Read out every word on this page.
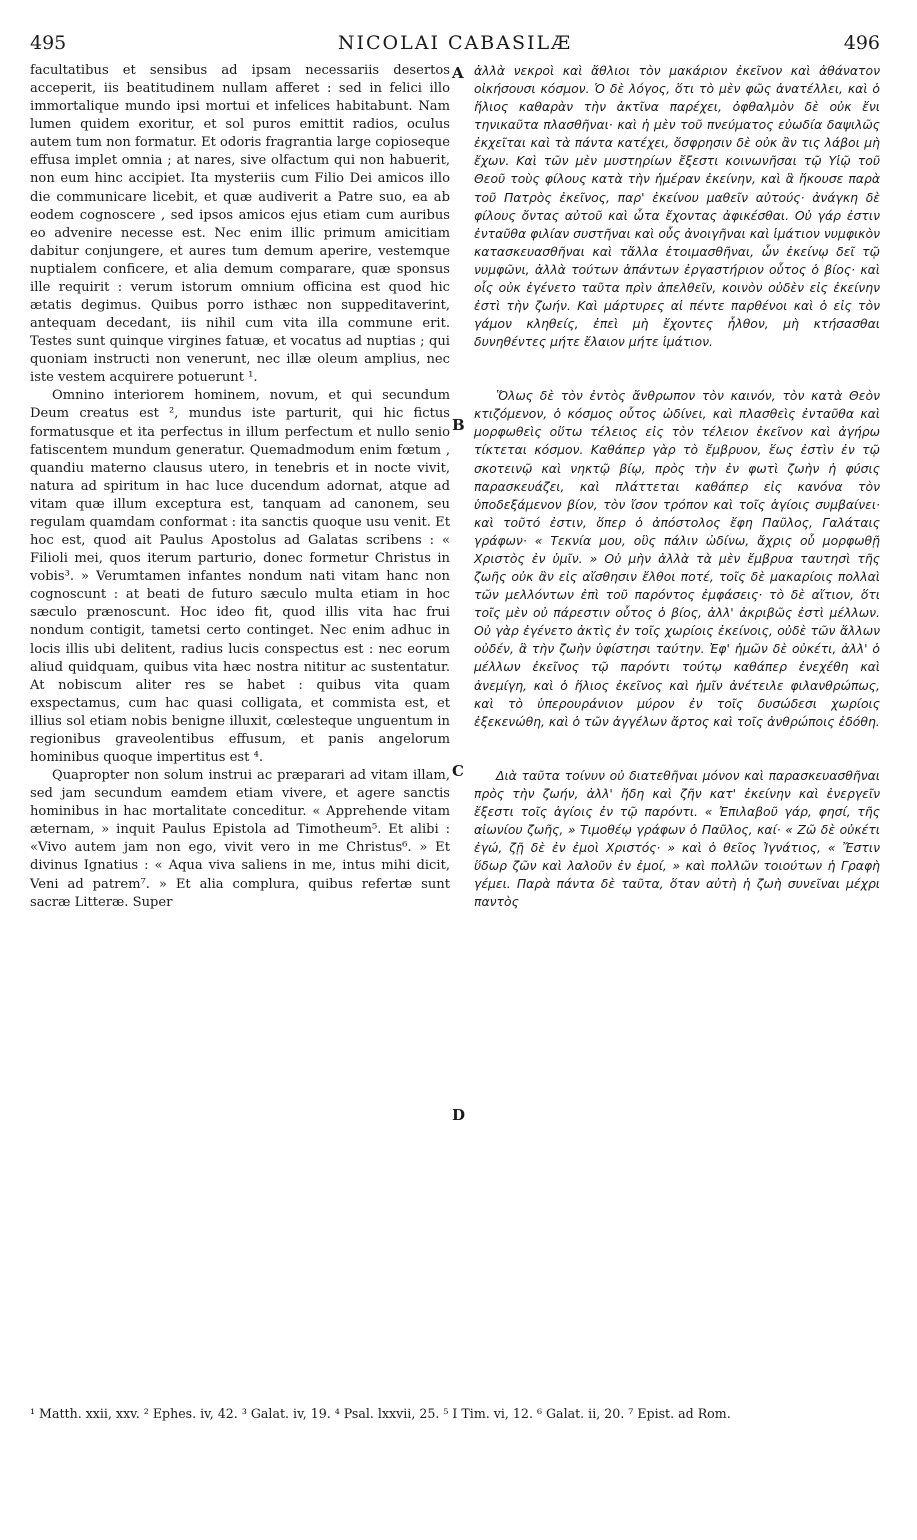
495	NICOLAI CABASILÆ	496

facultatibus et sensibus ad ipsam necessariis desertos acceperit, iis beatitudinem nullam afferet : sed in felici illo immortalique mundo ipsi mortui et infelices habitabunt. Nam lumen quidem exoritur, et sol puros emittit radios, oculus autem tum non formatur. Et odoris fragrantia large copioseque effusa implet omnia ; at nares, sive olfactum qui non habuerit, non eum hinc accipiet. Ita mysteriis cum Filio Dei amicos illo die communicare licebit, et quæ audiverit a Patre suo, ea ab eodem cognoscere , sed ipsos amicos ejus etiam cum auribus eo advenire necesse est. Nec enim illic primum amicitiam dabitur conjungere, et aures tum demum aperire, vestemque nuptialem conficere, et alia demum comparare, quæ sponsus ille requirit : verum istorum omnium officina est quod hic ætatis degimus. Quibus porro isthæc non suppeditaverint, antequam decedant, iis nihil cum vita illa commune erit. Testes sunt quinque virgines fatuæ, et vocatus ad nuptias ; qui quoniam instructi non venerunt, nec illæ oleum amplius, nec iste vestem acquirere potuerunt ¹.

Omnino interiorem hominem, novum, et qui secundum Deum creatus est ², mundus iste parturit, qui hic fictus formatusque et ita perfectus in illum perfectum et nullo senio fatiscentem mundum generatur. Quemadmodum enim fœtum , quandiu materno clausus utero, in tenebris et in nocte vivit, natura ad spiritum in hac luce ducendum adornat, atque ad vitam quæ illum exceptura est, tanquam ad canonem, seu regulam quamdam conformat : ita sanctis quoque usu venit. Et hoc est, quod ait Paulus Apostolus ad Galatas scribens : « Filioli mei, quos iterum parturio, donec formetur Christus in vobis³. » Verumtamen infantes nondum nati vitam hanc non cognoscunt : at beati de futuro sæculo multa etiam in hoc sæculo prænoscunt. Hoc ideo fit, quod illis vita hac frui nondum contigit, tametsi certo continget. Nec enim adhuc in locis illis ubi delitent, radius lucis conspectus est : nec eorum aliud quidquam, quibus vita hæc nostra nititur ac sustentatur. At nobiscum aliter res se habet : quibus vita quam exspectamus, cum hac quasi colligata, et commista est, et illius sol etiam nobis benigne illuxit, cœlesteque unguentum in regionibus graveolentibus effusum, et panis angelorum hominibus quoque impertitus est ⁴.

Quapropter non solum instrui ac præparari ad vitam illam, sed jam secundum eamdem etiam vivere, et agere sanctis hominibus in hac mortalitate conceditur. « Apprehende vitam æternam, » inquit Paulus Epistola ad Timotheum⁵. Et alibi : «Vivo autem jam non ego, vivit vero in me Christus⁶. » Et divinus Ignatius : « Aqua viva saliens in me, intus mihi dicit, Veni ad patrem⁷. » Et alia complura, quibus refertæ sunt sacræ Litteræ. Super

A
B
C
D

ἀλλὰ νεκροὶ καὶ ἄθλιοι τὸν μακάριον ἐκεῖνον καὶ ἀθάνατον οἰκήσουσι κόσμον. Ὁ δὲ λόγος, ὅτι τὸ μὲν φῶς ἀνατέλλει, καὶ ὁ ἥλιος καθαρὰν τὴν ἀκτῖνα παρέχει, ὀφθαλμὸν δὲ οὐκ ἔνι τηνικαῦτα πλασθῆναι· καὶ ἡ μὲν τοῦ πνεύματος εὐωδία δαψιλῶς ἐκχεῖται καὶ τὰ πάντα κατέχει, ὄσφρησιν δὲ οὐκ ἂν τις λάβοι μὴ ἔχων. Καὶ τῶν μὲν μυστηρίων ἔξεστι κοινωνῆσαι τῷ Υἱῷ τοῦ Θεοῦ τοὺς φίλους κατὰ τὴν ἡμέραν ἐκείνην, καὶ ἃ ἤκουσε παρὰ τοῦ Πατρὸς ἐκεῖνος, παρ' ἐκείνου μαθεῖν αὐτούς· ἀνάγκη δὲ φίλους ὄντας αὐτοῦ καὶ ὦτα ἔχοντας ἀφικέσθαι. Οὐ γάρ ἐστιν ἐνταῦθα φιλίαν συστῆναι καὶ οὖς ἀνοιγῆναι καὶ ἱμάτιον νυμφικὸν κατασκευασθῆναι καὶ τἄλλα ἑτοιμασθῆναι, ὧν ἐκείνῳ δεῖ τῷ νυμφῶνι, ἀλλὰ τούτων ἁπάντων ἐργαστήριον οὗτος ὁ βίος· καὶ οἷς οὐκ ἐγένετο ταῦτα πρὶν ἀπελθεῖν, κοινὸν οὐδὲν εἰς ἐκείνην ἐστὶ τὴν ζωήν. Καὶ μάρτυρες αἱ πέντε παρθένοι καὶ ὁ εἰς τὸν γάμον κληθείς, ἐπεὶ μὴ ἔχοντες ἦλθον, μὴ κτήσασθαι δυνηθέντες μήτε ἔλαιον μήτε ἱμάτιον.

Ὅλως δὲ τὸν ἐντὸς ἄνθρωπον τὸν καινόν, τὸν κατὰ Θεὸν κτιζόμενον, ὁ κόσμος οὗτος ὠδίνει, καὶ πλασθεὶς ἐνταῦθα καὶ μορφωθεὶς οὕτω τέλειος εἰς τὸν τέλειον ἐκεῖνον καὶ ἀγήρω τίκτεται κόσμον. Καθάπερ γὰρ τὸ ἔμβρυον, ἕως ἐστὶν ἐν τῷ σκοτεινῷ καὶ νηκτῷ βίῳ, πρὸς τὴν ἐν φωτὶ ζωὴν ἡ φύσις παρασκευάζει, καὶ πλάττεται καθάπερ εἰς κανόνα τὸν ὑποδεξάμενον βίον, τὸν ἴσον τρόπον καὶ τοῖς ἁγίοις συμβαίνει· καὶ τοῦτό ἐστιν, ὅπερ ὁ ἀπόστολος ἔφη Παῦλος, Γαλάταις γράφων· « Τεκνία μου, οὓς πάλιν ὠδίνω, ἄχρις οὗ μορφωθῇ Χριστὸς ἐν ὑμῖν. » Οὐ μὴν ἀλλὰ τὰ μὲν ἔμβρυα ταυτησὶ τῆς ζωῆς οὐκ ἂν εἰς αἴσθησιν ἔλθοι ποτέ, τοῖς δὲ μακαρίοις πολλαὶ τῶν μελλόντων ἐπὶ τοῦ παρόντος ἐμφάσεις· τὸ δὲ αἴτιον, ὅτι τοῖς μὲν οὐ πάρεστιν οὗτος ὁ βίος, ἀλλ' ἀκριβῶς ἐστὶ μέλλων. Οὐ γὰρ ἐγένετο ἀκτὶς ἐν τοῖς χωρίοις ἐκείνοις, οὐδὲ τῶν ἄλλων οὐδέν, ἃ τὴν ζωὴν ὑφίστησι ταύτην. Ἐφ' ἡμῶν δὲ οὐκέτι, ἀλλ' ὁ μέλλων ἐκεῖνος τῷ παρόντι τούτῳ καθάπερ ἐνεχέθη καὶ ἀνεμίγη, καὶ ὁ ἥλιος ἐκεῖνος καὶ ἡμῖν ἀνέτειλε φιλανθρώπως, καὶ τὸ ὑπερουράνιον μύρον ἐν τοῖς δυσώδεσι χωρίοις ἐξεκενώθη, καὶ ὁ τῶν ἀγγέλων ἄρτος καὶ τοῖς ἀνθρώποις ἐδόθη.

Διὰ ταῦτα τοίνυν οὐ διατεθῆναι μόνον καὶ παρασκευασθῆναι πρὸς τὴν ζωήν, ἀλλ' ἤδη καὶ ζῆν κατ' ἐκείνην καὶ ἐνεργεῖν ἔξεστι τοῖς ἁγίοις ἐν τῷ παρόντι. « Ἐπιλαβοῦ γάρ, φησί, τῆς αἰωνίου ζωῆς, » Τιμοθέῳ γράφων ὁ Παῦλος, καί· « Ζῶ δὲ οὐκέτι ἐγώ, ζῇ δὲ ἐν ἐμοὶ Χριστός· » καὶ ὁ θεῖος Ἰγνάτιος, « Ἔστιν ὕδωρ ζῶν καὶ λαλοῦν ἐν ἐμοί, » καὶ πολλῶν τοιούτων ἡ Γραφὴ γέμει. Παρὰ πάντα δὲ ταῦτα, ὅταν αὐτὴ ἡ ζωὴ συνεῖναι μέχρι παντὸς

¹ Matth. xxii, xxv. ² Ephes. iv, 42. ³ Galat. iv, 19. ⁴ Psal. lxxvii, 25. ⁵ I Tim. vi, 12. ⁶ Galat. ii, 20. ⁷ Epist. ad Rom.
